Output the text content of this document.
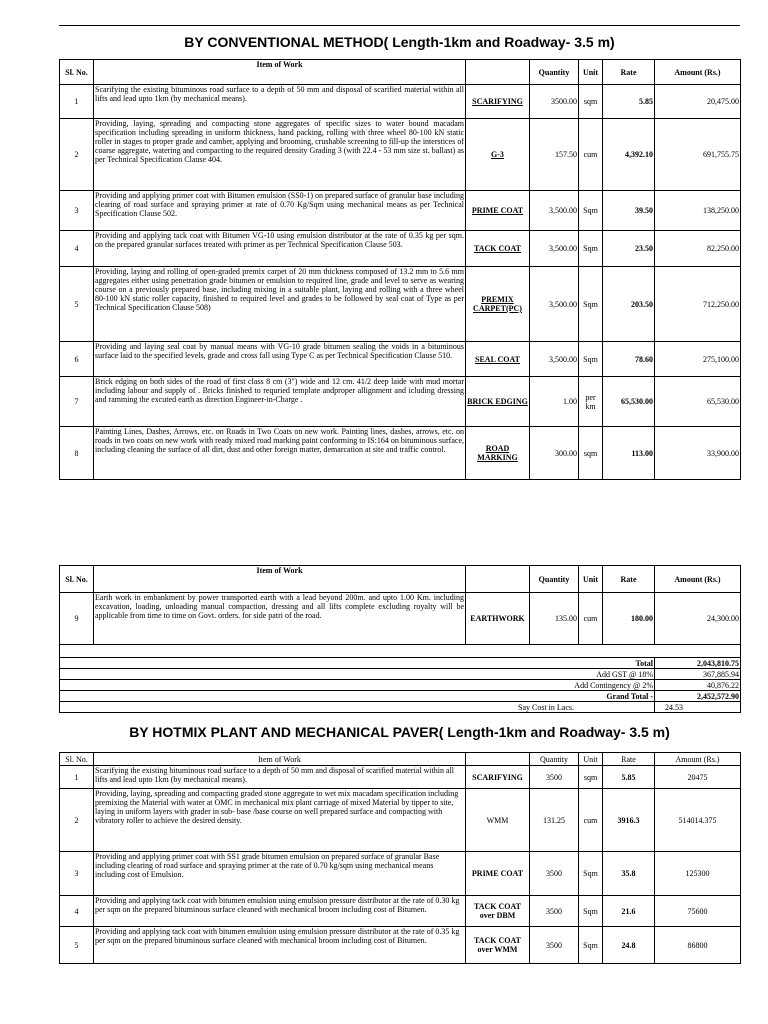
BY CONVENTIONAL METHOD( Length-1km and Roadway- 3.5 m)
Sl. No.	Item of Work		Quantity	Unit	Rate	Amount (Rs.)
1	Scarifying the existing bituminous road surface to a depth of 50 mm and disposal of scarified material within all lifts and lead upto 1km (by mechanical means).	SCARIFYING	3500.00	sqm	5.85	20,475.00
2	Providing, laying, spreading and compacting stone aggregates of specific sizes to water bound macadam specification including spreading in uniform thickness, hand packing, rolling with three wheel 80-100 kN static roller in stages to proper grade and camber, applying and brooming, crushable screening to fill-up the interstices of coarse aggregate, watering and compacting to the required density Grading 3 (with 22.4 - 53 mm size st. ballast) as per Technical Specification Clause 404.	G-3	157.50	cum	4,392.10	691,755.75
3	Providing and applying primer coat with Bitumen emulsion (SS0-1) on prepared surface of granular base including clearing of road surface and spraying primer at rate of 0.70 Kg/Sqm using mechanical means as per Technical Specification Clause 502.	PRIME COAT	3,500.00	Sqm	39.50	138,250.00
4	Providing and applying tack coat with Bitumen VG-10 using emulsion distributor at the rate of 0.35 kg per sqm. on the prepared granular surfaces treated with primer as per Technical Specification Clause 503.	TACK COAT	3,500.00	Sqm	23.50	82,250.00
5	Providing, laying and rolling of open-graded premix carpet of 20 mm thickness composed of 13.2 mm to 5.6 mm aggregates either using penetration grade bitumen or emulsion to required line, grade and level to serve as wearing course on a previously prepared base, including mixing in a suitable plant, laying and rolling with a three wheel 80-100 kN static roller capacity, finished to required level and grades to be followed by seal coat of Type as per Technical Specification Clause 508)	PREMIX CARPET(PC)	3,500.00	Sqm	203.50	712,250.00
6	Providing and laying seal coat by manual means with VG-10 grade bitumen sealing the voids in a bituminous surface laid to the specified levels, grade and cross fall using Type C as per Technical Specification Clause 510.	SEAL COAT	3,500.00	Sqm	78.60	275,100.00
7	Brick edging on both sides of the road of first class 8 cm (3") wide and 12 cm. 41/2 deep laide with mud mortar including labour and supply of . Bricks finished to requried template andproper allignment and icluding dressing and ramming the excuted earth as direction Engineer-in-Charge .	BRICK EDGING	1.00	per km	65,530.00	65,530.00
8	Painting Lines, Dashes, Arrows, etc. on Roads in Two Coats on new work. Painting lines, dashes, arrows, etc. on roads in two coats on new work with ready mixed road marking paint conforming to IS:164 on bituminous surface, including cleaning the surface of all dirt, dust and other foreign matter, demarcation at site and traffic control.	ROAD MARKING	300.00	sqm	113.00	33,900.00
Sl. No.	Item of Work		Quantity	Unit	Rate	Amount (Rs.)
9	Earth work in embankment by power transported earth with a lead beyond 200m. and upto 1.00 Km. including excavation, loading, unloading manual compaction, dressing and all lifts complete excluding royalty will be applicable from time to time on Govt. orders. for side patri of the road.	EARTHWORK	135.00	cum	180.00	24,300.00

Total						2,043,810.75
Add GST @ 18%						367,885.94
Add Contingency @ 2%						40,876.22
Grand Total -						2,452,572.90
Say Cost in Lacs.						24.53
BY HOTMIX PLANT AND MECHANICAL PAVER( Length-1km and Roadway- 3.5 m)
Sl. No.	Item of Work		Quantity	Unit	Rate	Amount (Rs.)
1	Scarifying the existing bituminous road surface to a depth of 50 mm and disposal of scarified material within all lifts and lead upto 1km (by mechanical means).	SCARIFYING	3500	sqm	5.85	20475
2	Providing, laying, spreading and compacting graded stone aggregate to wet mix macadam specification including premixing the Material with water at OMC in mechanical mix plant carriage of mixed Material by tipper to site, laying in uniform layers with grader in sub- base /base course on well prepared surface and compacting with vibratory roller to achieve the desired density.	WMM	131.25	cum	3916.3	514014.375
3	Providing and applying primer coat with SS1 grade bitumen emulsion on prepared surface of granular Base including clearing of road surface and spraying primer at the rate of 0.70 kg/sqm using mechanical means including cost of Emulsion.	PRIME COAT	3500	Sqm	35.8	125300
4	Providing and applying tack coat with bitumen emulsion using emulsion pressure distributor at the rate of 0.30 kg per sqm on the prepared bituminous surface cleaned with mechanical broom including cost of Bitumen.	TACK COAT over DBM	3500	Sqm	21.6	75600
5	Providing and applying tack coat with bitumen emulsion using emulsion pressure distributor at the rate of 0.35 kg per sqm on the prepared bituminous surface cleaned with mechanical broom including cost of Bitumen.	TACK COAT over WMM	3500	Sqm	24.8	86800
